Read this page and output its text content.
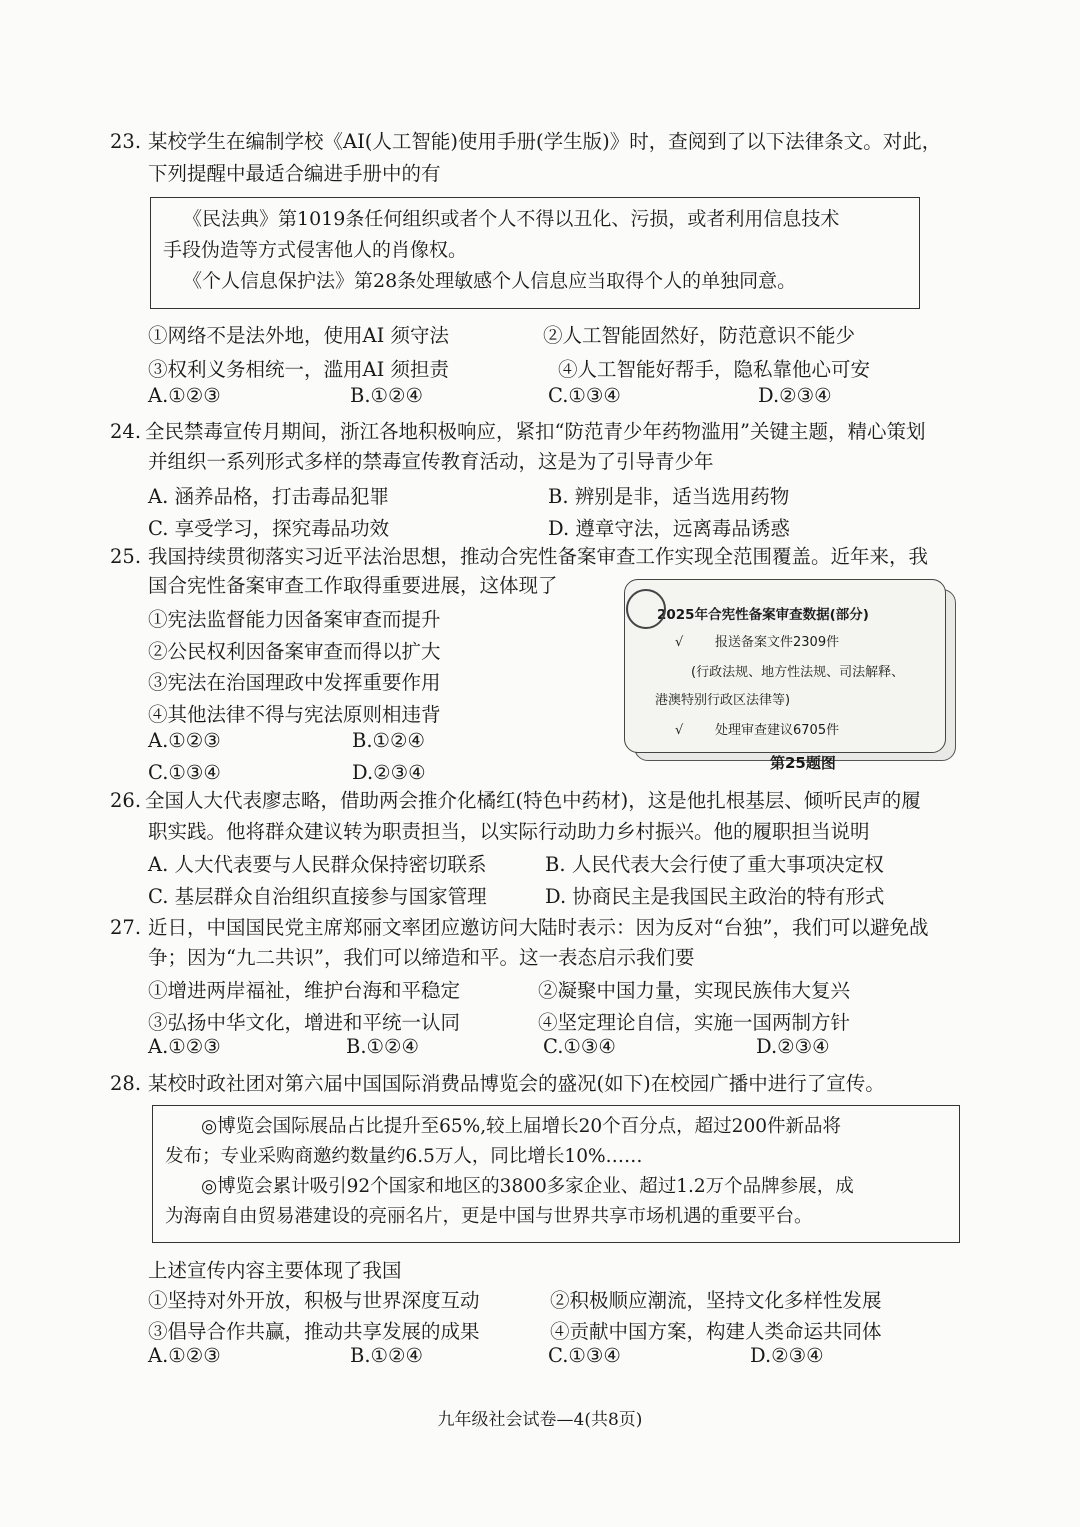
23. 某校学生在编制学校《AI(人工智能)使用手册(学生版)》时，查阅到了以下法律条文。对此，
下列提醒中最适合编进手册中的有
《民法典》第1019条任何组织或者个人不得以丑化、污损，或者利用信息技术
手段伪造等方式侵害他人的肖像权。
《个人信息保护法》第28条处理敏感个人信息应当取得个人的单独同意。
①网络不是法外地，使用AI 须守法	②人工智能固然好，防范意识不能少
③权利义务相统一，滥用AI 须担责	④人工智能好帮手，隐私靠他心可安
A.①②③	B.①②④	C.①③④	D.②③④
24. 全民禁毒宣传月期间，浙江各地积极响应，紧扣“防范青少年药物滥用”关键主题，精心策划
并组织一系列形式多样的禁毒宣传教育活动，这是为了引导青少年
A. 涵养品格，打击毒品犯罪	B. 辨别是非，适当选用药物
C. 享受学习，探究毒品功效	D. 遵章守法，远离毒品诱惑
25. 我国持续贯彻落实习近平法治思想，推动合宪性备案审查工作实现全范围覆盖。近年来，我
国合宪性备案审查工作取得重要进展，这体现了
①宪法监督能力因备案审查而提升
②公民权利因备案审查而得以扩大
③宪法在治国理政中发挥重要作用
④其他法律不得与宪法原则相违背
A.①②③	B.①②④
C.①③④	D.②③④
2025年合宪性备案审查数据(部分)
√ 报送备案文件2309件
(行政法规、地方性法规、司法解释、
港澳特别行政区法律等)
√ 处理审查建议6705件
第25题图
26. 全国人大代表廖志略，借助两会推介化橘红(特色中药材)，这是他扎根基层、倾听民声的履
职实践。他将群众建议转为职责担当，以实际行动助力乡村振兴。他的履职担当说明
A. 人大代表要与人民群众保持密切联系	B. 人民代表大会行使了重大事项决定权
C. 基层群众自治组织直接参与国家管理	D. 协商民主是我国民主政治的特有形式
27. 近日，中国国民党主席郑丽文率团应邀访问大陆时表示：因为反对“台独”，我们可以避免战
争；因为“九二共识”，我们可以缔造和平。这一表态启示我们要
①增进两岸福祉，维护台海和平稳定	②凝聚中国力量，实现民族伟大复兴
③弘扬中华文化，增进和平统一认同	④坚定理论自信，实施一国两制方针
A.①②③	B.①②④	C.①③④	D.②③④
28. 某校时政社团对第六届中国国际消费品博览会的盛况(如下)在校园广播中进行了宣传。
◎博览会国际展品占比提升至65%,较上届增长20个百分点，超过200件新品将
发布；专业采购商邀约数量约6.5万人，同比增长10%……
◎博览会累计吸引92个国家和地区的3800多家企业、超过1.2万个品牌参展，成
为海南自由贸易港建设的亮丽名片，更是中国与世界共享市场机遇的重要平台。
上述宣传内容主要体现了我国
①坚持对外开放，积极与世界深度互动	②积极顺应潮流，坚持文化多样性发展
③倡导合作共赢，推动共享发展的成果	④贡献中国方案，构建人类命运共同体
A.①②③	B.①②④	C.①③④	D.②③④
九年级社会试卷—4(共8页)
